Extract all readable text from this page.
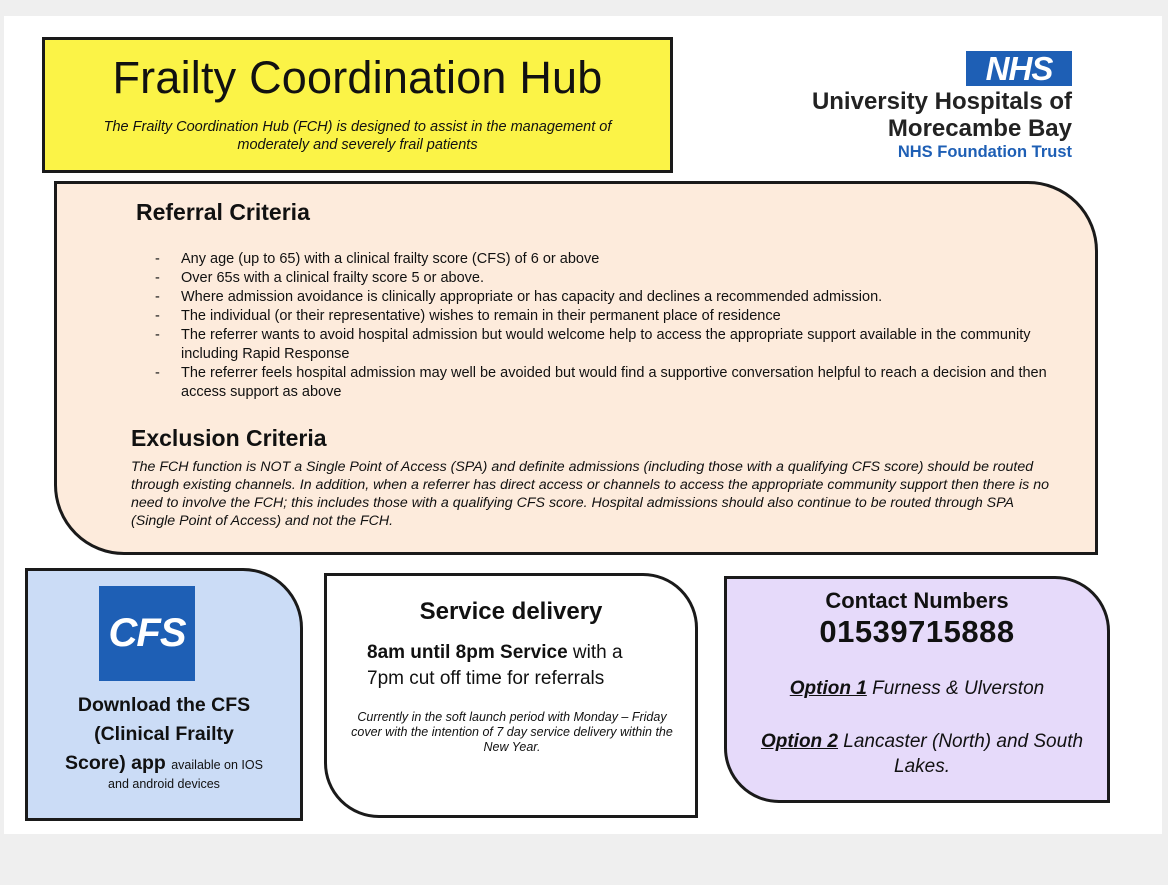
Frailty Coordination Hub
The Frailty Coordination Hub (FCH) is designed to assist in the management of
moderately and severely frail patients
NHS
University Hospitals of
Morecambe Bay
NHS Foundation Trust
Referral Criteria
- Any age (up to 65) with a clinical frailty score (CFS) of 6 or above
- Over 65s with a clinical frailty score 5 or above.
- Where admission avoidance is clinically appropriate or has capacity and declines a recommended admission.
- The individual (or their representative) wishes to remain in their permanent place of residence
- The referrer wants to avoid hospital admission but would welcome help to access the appropriate support available in the community including Rapid Response
- The referrer feels hospital admission may well be avoided but would find a supportive conversation helpful to reach a decision and then access support as above
Exclusion Criteria
The FCH function is NOT a Single Point of Access (SPA) and definite admissions (including those with a qualifying CFS score) should be routed through existing channels. In addition, when a referrer has direct access or channels to access the appropriate community support then there is no need to involve the FCH; this includes those with a qualifying CFS score. Hospital admissions should also continue to be routed through SPA (Single Point of Access) and not the FCH.
CFS
Download the CFS
(Clinical Frailty
Score) app available on IOS
and android devices
Service delivery
8am until 8pm Service with a
7pm cut off time for referrals
Currently in the soft launch period with Monday – Friday cover with the intention of 7 day service delivery within the New Year.
Contact Numbers
01539715888
Option 1 Furness & Ulverston
Option 2 Lancaster (North) and South Lakes.
